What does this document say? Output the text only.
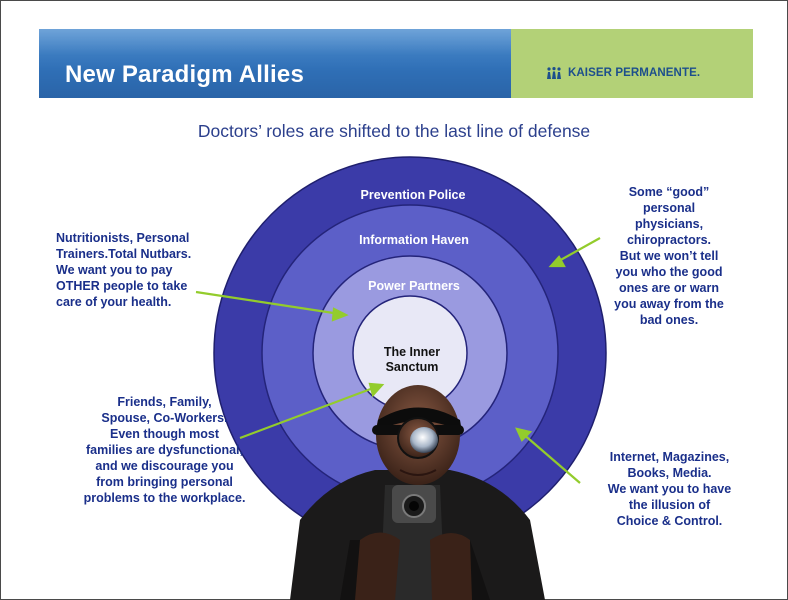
New Paradigm Allies	KAISER PERMANENTE.
Doctors’ roles are shifted to the last line of defense
Prevention Police
Information Haven
Power Partners
The Inner
Sanctum
Nutritionists, Personal
Trainers.Total Nutbars.
We want you to pay
OTHER people to take
care of your health.
Friends, Family,
Spouse, Co-Workers.
Even though most
families are dysfunctional,
and we discourage you
from bringing personal
problems to the workplace.
Some “good”
personal
physicians,
chiropractors.
But we won’t tell
you who the good
ones are or warn
you away from the
bad ones.
Internet, Magazines,
Books, Media.
We want you to have
the illusion of
Choice & Control.
